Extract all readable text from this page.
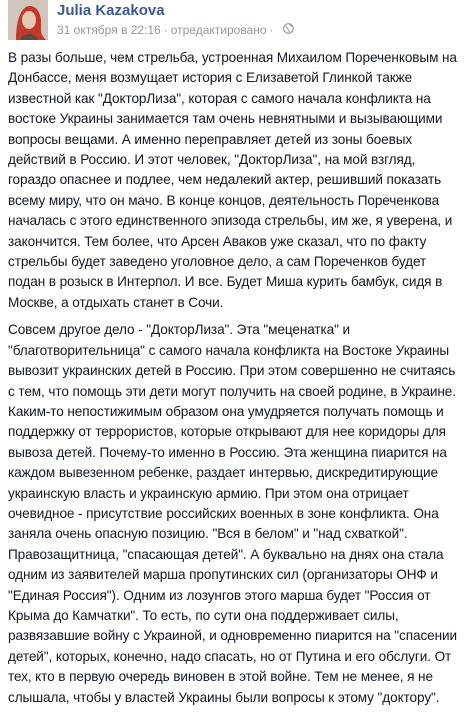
Julia Kazakova
31 октября в 22:16 · отредактировано ·

В разы больше, чем стрельба, устроенная Михаилом Пореченковым на Донбассе, меня возмущает история с Елизаветой Глинкой также известной как "ДокторЛиза", которая с самого начала конфликта на востоке Украины занимается там очень невнятными и вызывающими вопросы вещами. А именно переправляет детей из зоны боевых действий в Россию. И этот человек, "ДокторЛиза", на мой взгляд, гораздо опаснее и подлее, чем недалекий актер, решивший показать всему миру, что он мачо. В конце концов, деятельность Пореченкова началась с этого единственного эпизода стрельбы, им же, я уверена, и закончится. Тем более, что Арсен Аваков уже сказал, что по факту стрельбы будет заведено уголовное дело, а сам Пореченков будет подан в розыск в Интерпол. И все. Будет Миша курить бамбук, сидя в Москве, а отдыхать станет в Сочи.

Совсем другое дело - "ДокторЛиза". Эта "меценатка" и "благотворительница" с самого начала конфликта на Востоке Украины вывозит украинских детей в Россию. При этом совершенно не считаясь с тем, что помощь эти дети могут получить на своей родине, в Украине. Каким-то непостижимым образом она умудряется получать помощь и поддержку от террористов, которые открывают для нее коридоры для вывоза детей. Почему-то именно в Россию. Эта женщина пиарится на каждом вывезенном ребенке, раздает интервью, дискредитирующие украинскую власть и украинскую армию. При этом она отрицает очевидное - присутствие российских военных в зоне конфликта. Она заняла очень опасную позицию. "Вся в белом" и "над схваткой". Правозащитница, "спасающая детей". А буквально на днях она стала одним из заявителей марша пропутинских сил (организаторы ОНФ и "Единая Россия"). Одним из лозунгов этого марша будет "Россия от Крыма до Камчатки". То есть, по сути она поддерживает силы, развязавшие войну с Украиной, и одновременно пиарится на "спасении детей", которых, конечно, надо спасать, но от Путина и его обслуги. От тех, кто в первую очередь виновен в этой войне. Тем не менее, я не слышала, чтобы у властей Украины были вопросы к этому "доктору".
